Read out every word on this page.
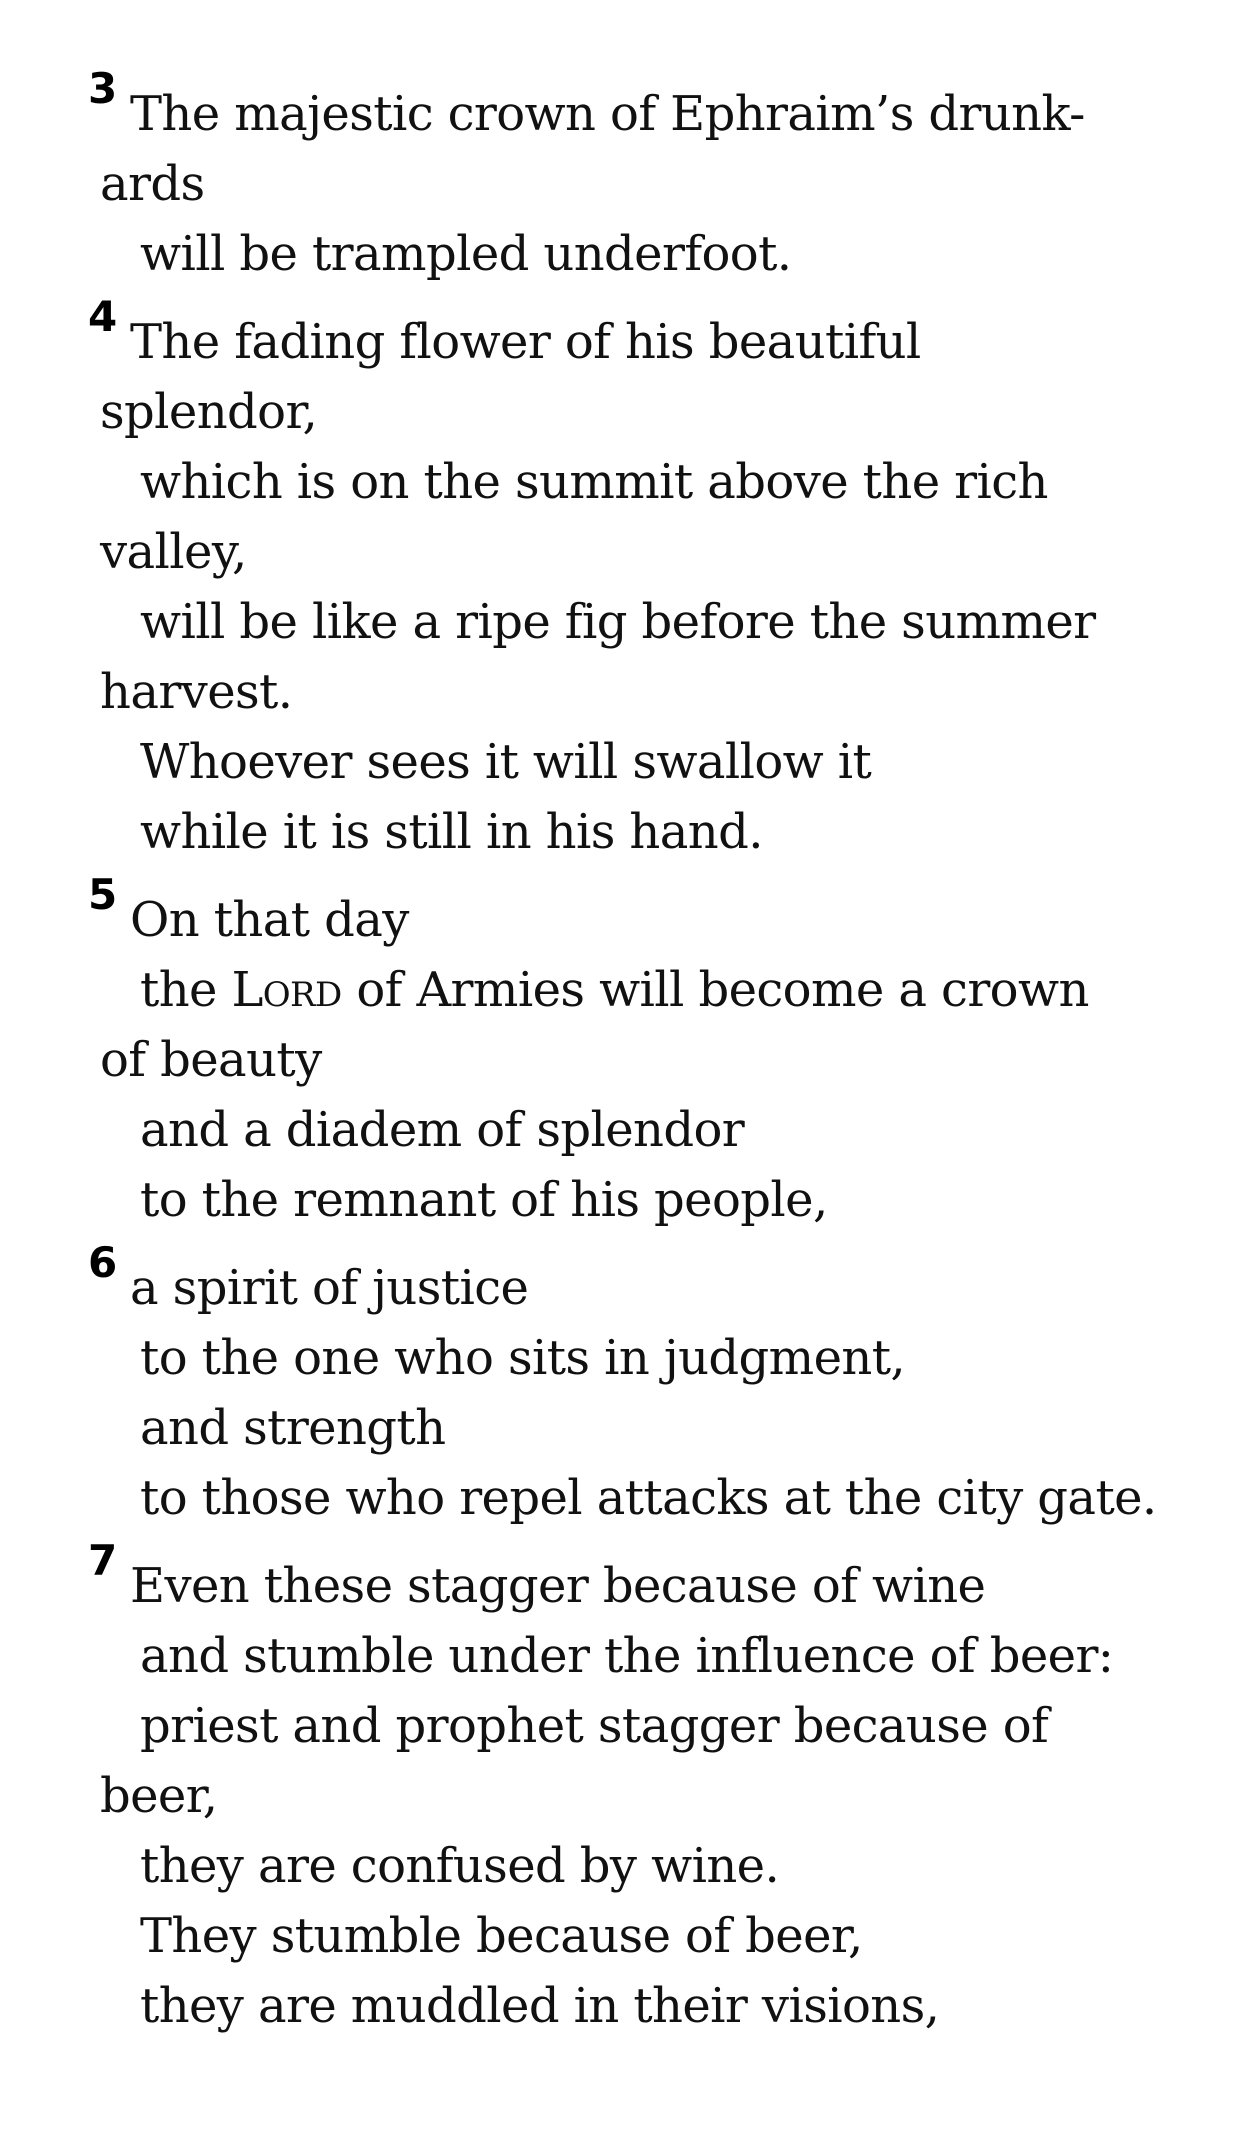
3 The majestic crown of Ephraim’s drunk-
ards
will be trampled underfoot.
4 The fading flower of his beautiful
splendor,
which is on the summit above the rich
valley,
will be like a ripe fig before the summer
harvest.
Whoever sees it will swallow it
while it is still in his hand.
5 On that day
the Lord of Armies will become a crown
of beauty
and a diadem of splendor
to the remnant of his people,
6 a spirit of justice
to the one who sits in judgment,
and strength
to those who repel attacks at the city gate.
7 Even these stagger because of wine
and stumble under the influence of beer:
priest and prophet stagger because of
beer,
they are confused by wine.
They stumble because of beer,
they are muddled in their visions,
